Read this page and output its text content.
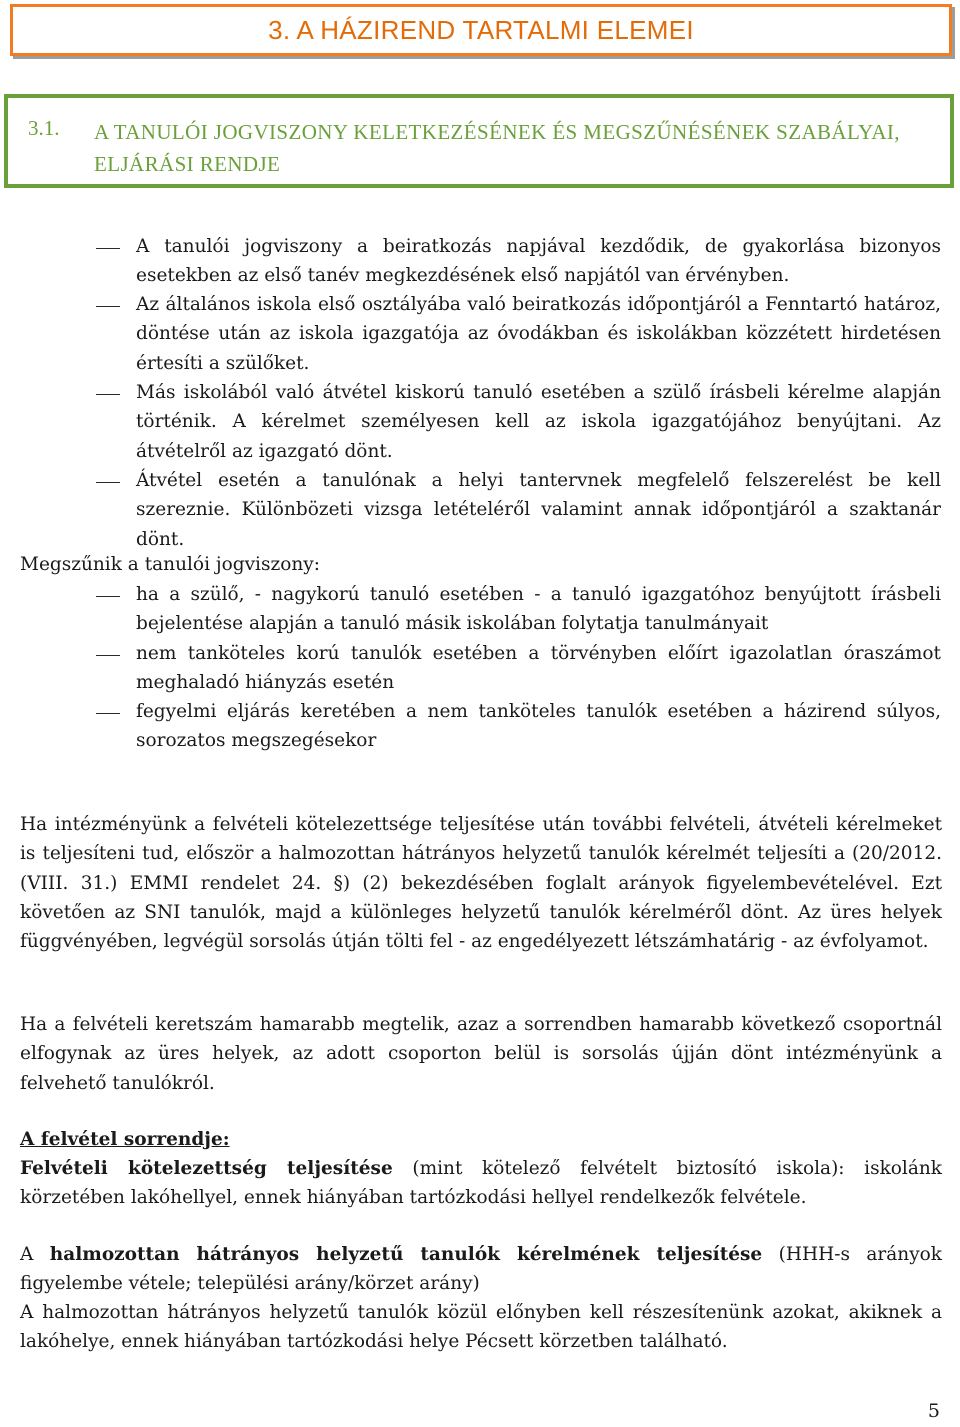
3. A HÁZIREND TARTALMI ELEMEI
3.1. A TANULÓI JOGVISZONY KELETKEZÉSÉNEK ÉS MEGSZŰNÉSÉNEK SZABÁLYAI, ELJÁRÁSI RENDJE
A tanulói jogviszony a beiratkozás napjával kezdődik, de gyakorlása bizonyos esetekben az első tanév megkezdésének első napjától van érvényben.
Az általános iskola első osztályába való beiratkozás időpontjáról a Fenntartó határoz, döntése után az iskola igazgatója az óvodákban és iskolákban közzétett hirdetésen értesíti a szülőket.
Más iskolából való átvétel kiskorú tanuló esetében a szülő írásbeli kérelme alapján történik. A kérelmet személyesen kell az iskola igazgatójához benyújtani. Az átvételről az igazgató dönt.
Átvétel esetén a tanulónak a helyi tantervnek megfelelő felszerelést be kell szereznie. Különbözeti vizsga letételéről valamint annak időpontjáról a szaktanár dönt.
Megszűnik a tanulói jogviszony:
ha a szülő, - nagykorú tanuló esetében - a tanuló igazgatóhoz benyújtott írásbeli bejelentése alapján a tanuló másik iskolában folytatja tanulmányait
nem tanköteles korú tanulók esetében a törvényben előírt igazolatlan óraszámot meghaladó hiányzás esetén
fegyelmi eljárás keretében a nem tanköteles tanulók esetében a házirend súlyos, sorozatos megszegésekor
Ha intézményünk a felvételi kötelezettsége teljesítése után további felvételi, átvételi kérelmeket is teljesíteni tud, először a halmozottan hátrányos helyzetű tanulók kérelmét teljesíti a (20/2012. (VIII. 31.) EMMI rendelet 24. §) (2) bekezdésében foglalt arányok figyelembevételével. Ezt követően az SNI tanulók, majd a különleges helyzetű tanulók kérelméről dönt. Az üres helyek függvényében, legvégül sorsolás útján tölti fel - az engedélyezett létszámhatárig - az évfolyamot.
Ha a felvételi keretszám hamarabb megtelik, azaz a sorrendben hamarabb következő csoportnál elfogynak az üres helyek, az adott csoporton belül is sorsolás újján dönt intézményünk a felvehető tanulókról.
A felvétel sorrendje:
Felvételi kötelezettség teljesítése (mint kötelező felvételt biztosító iskola): iskolánk körzetében lakóhellyel, ennek hiányában tartózkodási hellyel rendelkezők felvétele.
A halmozottan hátrányos helyzetű tanulók kérelmének teljesítése (HHH-s arányok figyelembe vétele; települési arány/körzet arány)
A halmozottan hátrányos helyzetű tanulók közül előnyben kell részesítenünk azokat, akiknek a lakóhelye, ennek hiányában tartózkodási helye Pécsett körzetben található.
5
